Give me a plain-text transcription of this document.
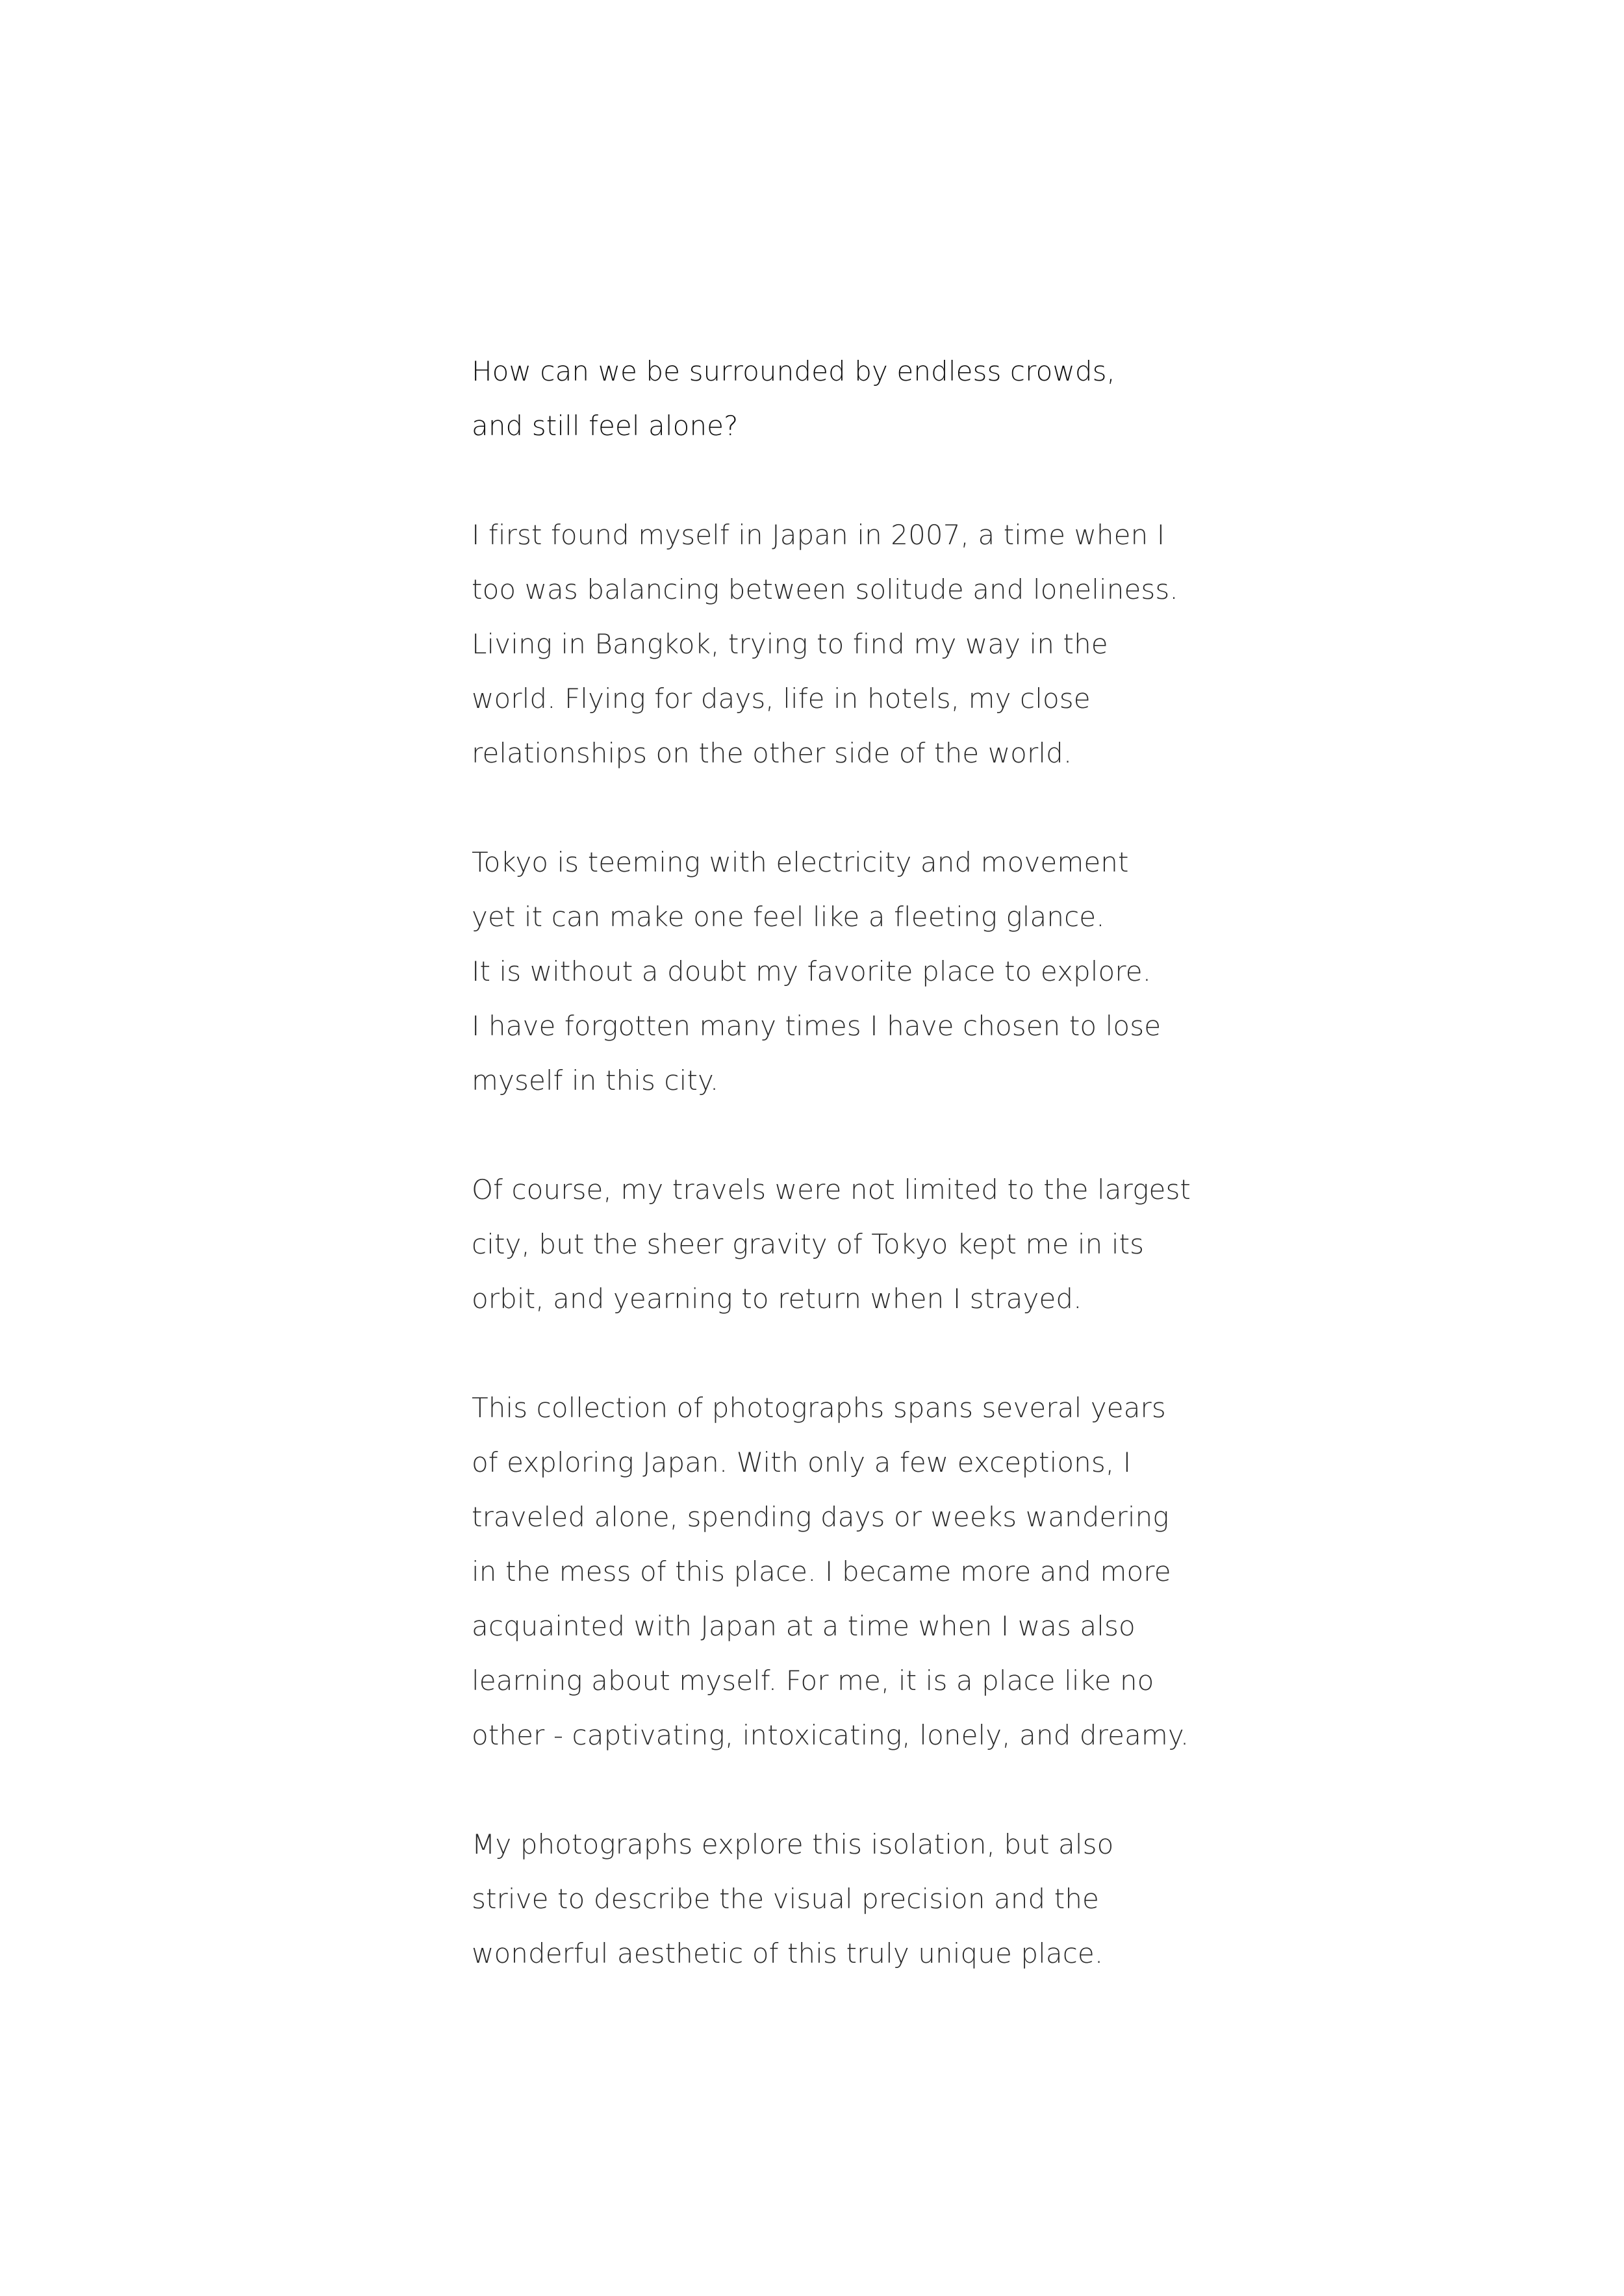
How can we be surrounded by endless crowds,
and still feel alone?

I first found myself in Japan in 2007, a time when I
too was balancing between solitude and loneliness.
Living in Bangkok, trying to find my way in the
world. Flying for days, life in hotels, my close
relationships on the other side of the world.

Tokyo is teeming with electricity and movement
yet it can make one feel like a fleeting glance.
It is without a doubt my favorite place to explore.
I have forgotten many times I have chosen to lose
myself in this city.

Of course, my travels were not limited to the largest
city, but the sheer gravity of Tokyo kept me in its
orbit, and yearning to return when I strayed.

This collection of photographs spans several years
of exploring Japan. With only a few exceptions, I
traveled alone, spending days or weeks wandering
in the mess of this place. I became more and more
acquainted with Japan at a time when I was also
learning about myself. For me, it is a place like no
other - captivating, intoxicating, lonely, and dreamy.

My photographs explore this isolation, but also
strive to describe the visual precision and the
wonderful aesthetic of this truly unique place.
